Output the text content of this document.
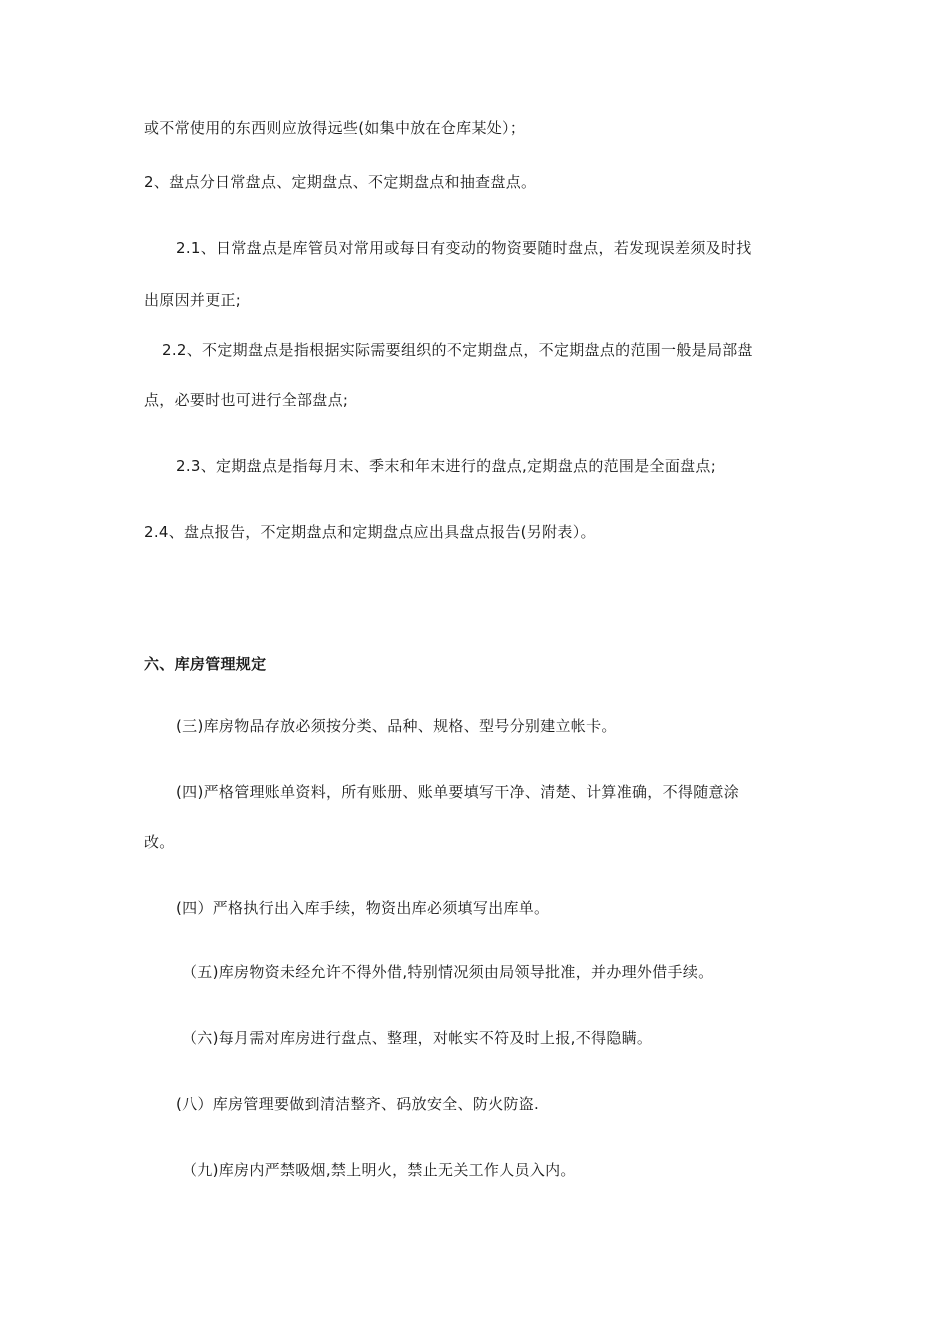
或不常使用的东西则应放得远些(如集中放在仓库某处）；
2、盘点分日常盘点、定期盘点、不定期盘点和抽查盘点。
2.1、日常盘点是库管员对常用或每日有变动的物资要随时盘点，若发现误差须及时找
出原因并更正;
2.2、不定期盘点是指根据实际需要组织的不定期盘点，不定期盘点的范围一般是局部盘
点，必要时也可进行全部盘点;
2.3、定期盘点是指每月末、季末和年末进行的盘点,定期盘点的范围是全面盘点;
2.4、盘点报告，不定期盘点和定期盘点应出具盘点报告(另附表）。
六、库房管理规定
(三)库房物品存放必须按分类、品种、规格、型号分别建立帐卡。
(四)严格管理账单资料，所有账册、账单要填写干净、清楚、计算准确，不得随意涂
改。
(四）严格执行出入库手续，物资出库必须填写出库单。
（五)库房物资未经允许不得外借,特别情况须由局领导批准，并办理外借手续。
（六)每月需对库房进行盘点、整理，对帐实不符及时上报,不得隐瞒。
(八）库房管理要做到清洁整齐、码放安全、防火防盗.
（九)库房内严禁吸烟,禁上明火，禁止无关工作人员入内。
